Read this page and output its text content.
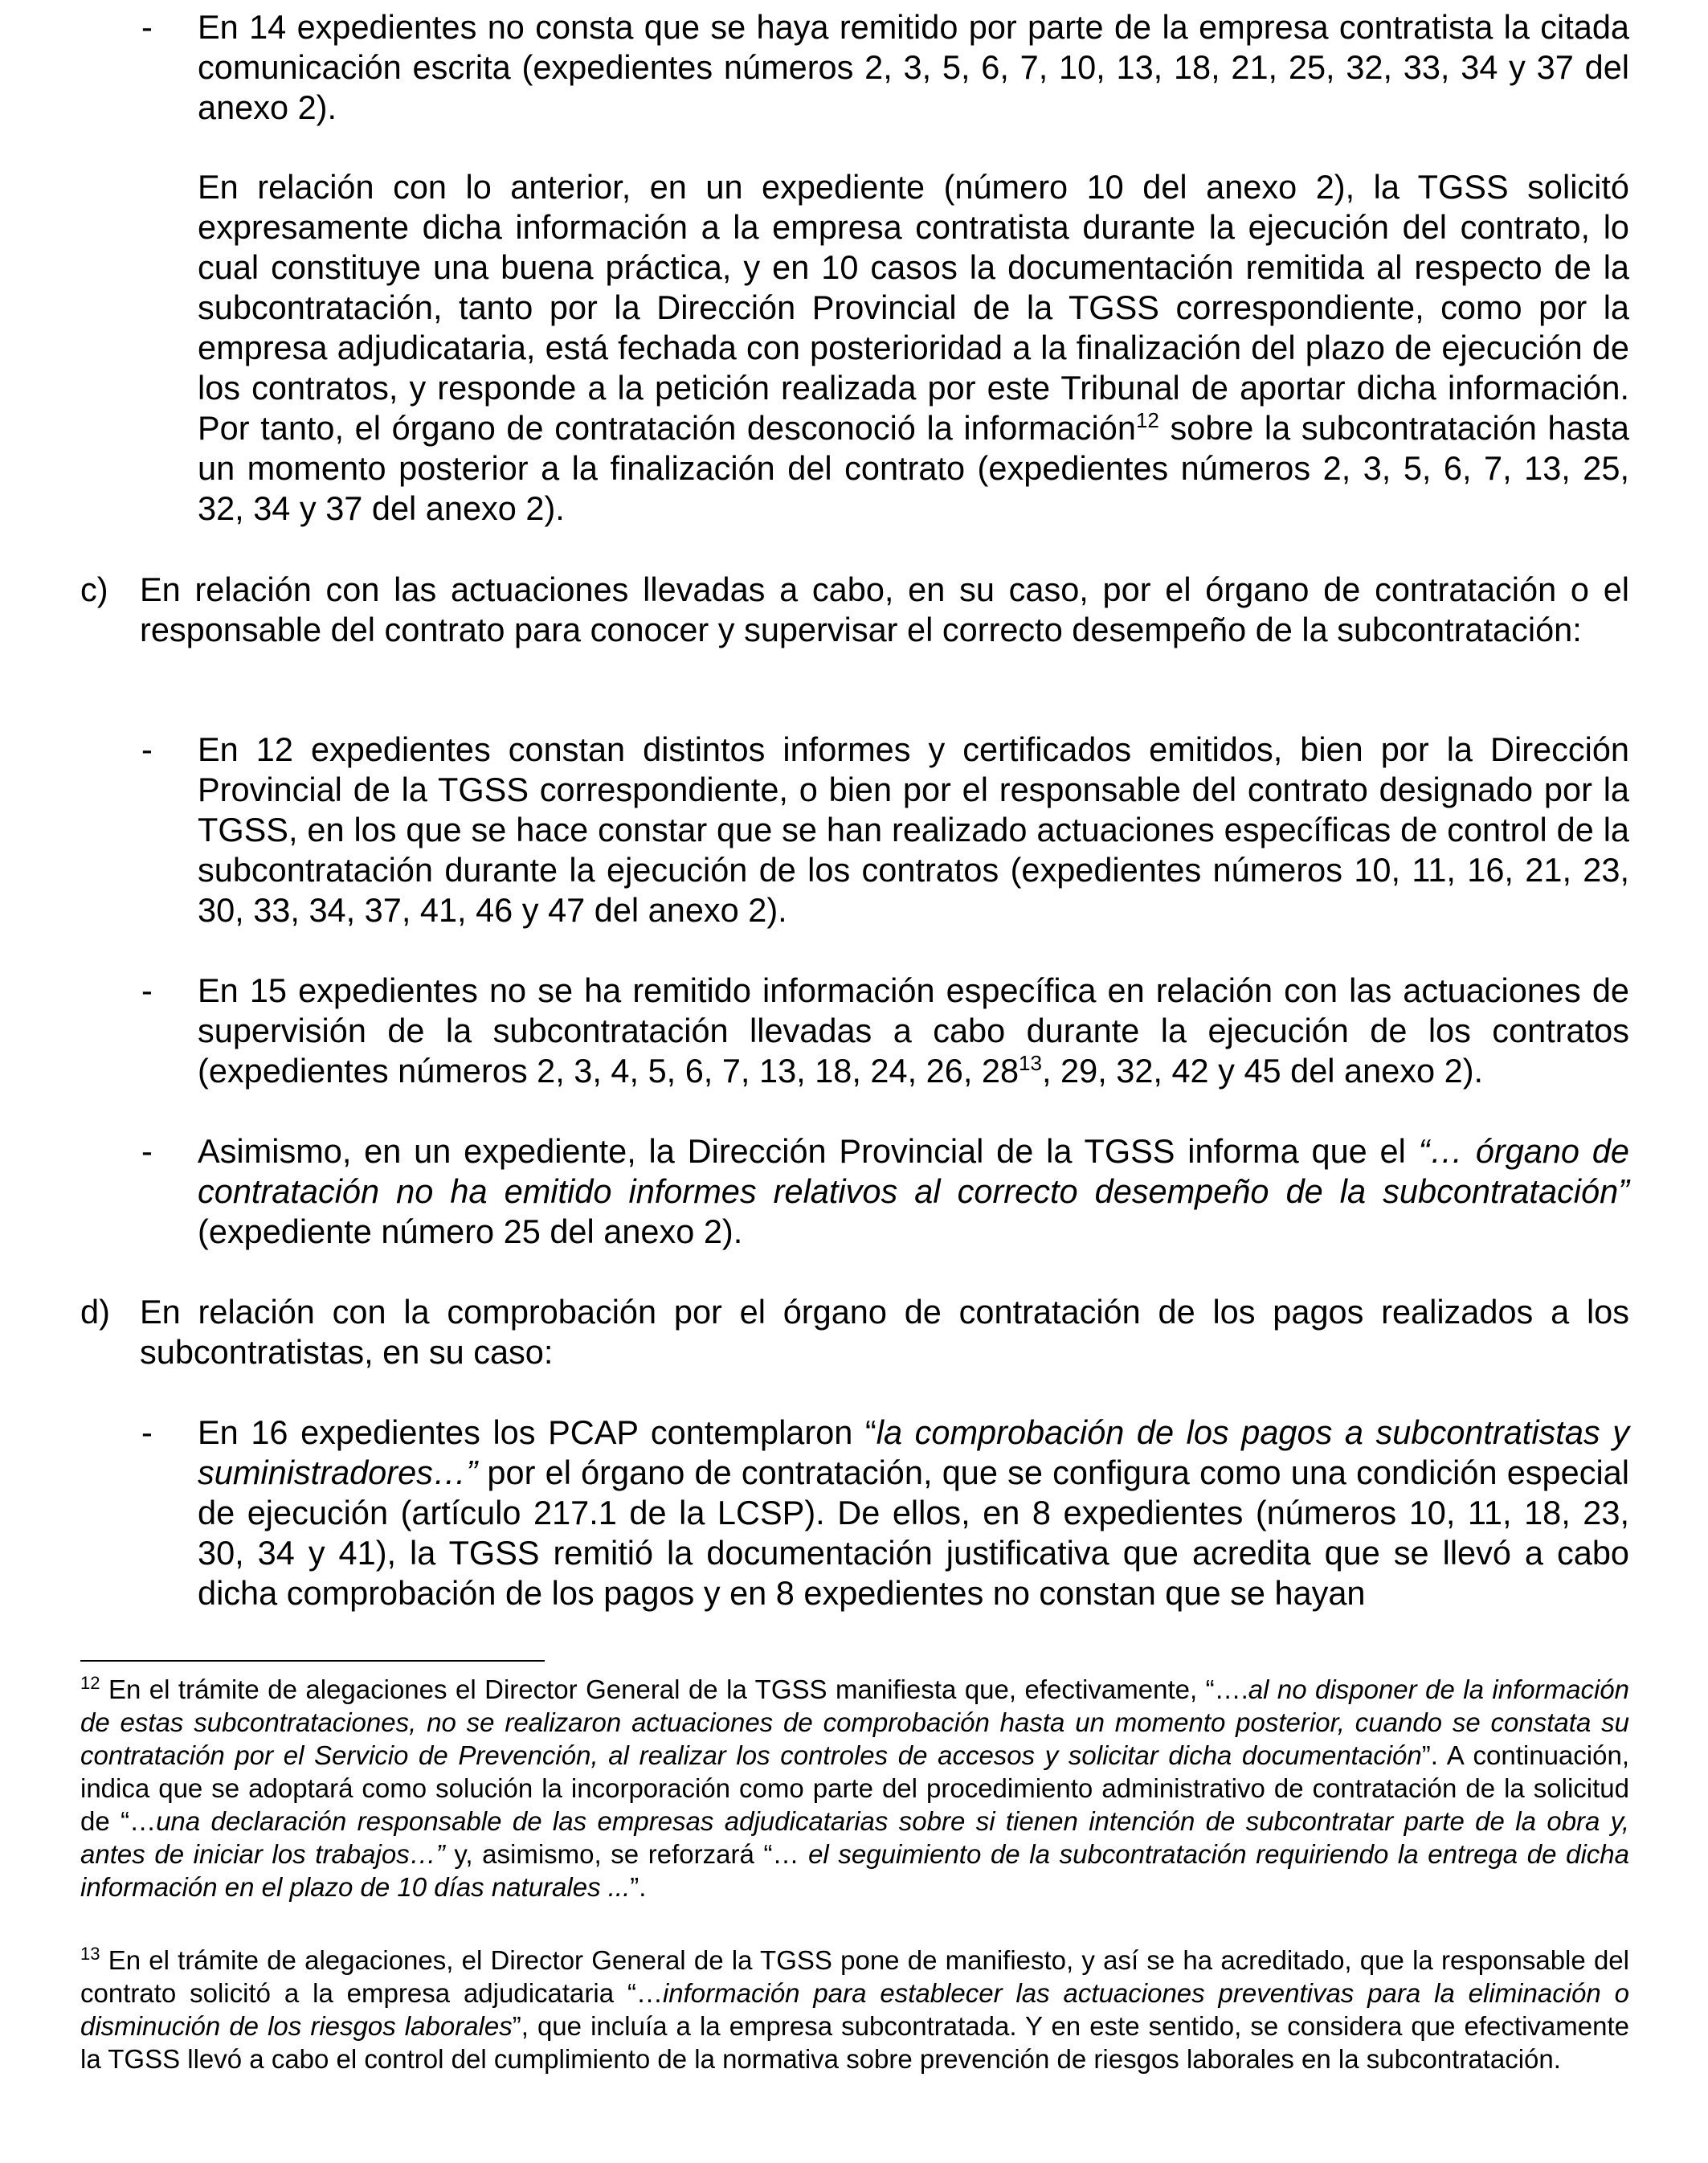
- En 14 expedientes no consta que se haya remitido por parte de la empresa contratista la citada comunicación escrita (expedientes números 2, 3, 5, 6, 7, 10, 13, 18, 21, 25, 32, 33, 34 y 37 del anexo 2).
En relación con lo anterior, en un expediente (número 10 del anexo 2), la TGSS solicitó expresamente dicha información a la empresa contratista durante la ejecución del contrato, lo cual constituye una buena práctica, y en 10 casos la documentación remitida al respecto de la subcontratación, tanto por la Dirección Provincial de la TGSS correspondiente, como por la empresa adjudicataria, está fechada con posterioridad a la finalización del plazo de ejecución de los contratos, y responde a la petición realizada por este Tribunal de aportar dicha información. Por tanto, el órgano de contratación desconoció la información$^{12}$ sobre la subcontratación hasta un momento posterior a la finalización del contrato (expedientes números 2, 3, 5, 6, 7, 13, 25, 32, 34 y 37 del anexo 2).
c) En relación con las actuaciones llevadas a cabo, en su caso, por el órgano de contratación o el responsable del contrato para conocer y supervisar el correcto desempeño de la subcontratación:
- En 12 expedientes constan distintos informes y certificados emitidos, bien por la Dirección Provincial de la TGSS correspondiente, o bien por el responsable del contrato designado por la TGSS, en los que se hace constar que se han realizado actuaciones específicas de control de la subcontratación durante la ejecución de los contratos (expedientes números 10, 11, 16, 21, 23, 30, 33, 34, 37, 41, 46 y 47 del anexo 2).
- En 15 expedientes no se ha remitido información específica en relación con las actuaciones de supervisión de la subcontratación llevadas a cabo durante la ejecución de los contratos (expedientes números 2, 3, 4, 5, 6, 7, 13, 18, 24, 26, $28^{13}$, 29, 32, 42 y 45 del anexo 2).
- Asimismo, en un expediente, la Dirección Provincial de la TGSS informa que el “… órgano de contratación no ha emitido informes relativos al correcto desempeño de la subcontratación” (expediente número 25 del anexo 2).
d) En relación con la comprobación por el órgano de contratación de los pagos realizados a los subcontratistas, en su caso:
- En 16 expedientes los PCAP contemplaron “la comprobación de los pagos a subcontratistas y suministradores…” por el órgano de contratación, que se configura como una condición especial de ejecución (artículo 217.1 de la LCSP). De ellos, en 8 expedientes (números 10, 11, 18, 23, 30, 34 y 41), la TGSS remitió la documentación justificativa que acredita que se llevó a cabo dicha comprobación de los pagos y en 8 expedientes no constan que se hayan
$^{12}$ En el trámite de alegaciones el Director General de la TGSS manifiesta que, efectivamente, “….al no disponer de la información de estas subcontrataciones, no se realizaron actuaciones de comprobación hasta un momento posterior, cuando se constata su contratación por el Servicio de Prevención, al realizar los controles de accesos y solicitar dicha documentación”. A continuación, indica que se adoptará como solución la incorporación como parte del procedimiento administrativo de contratación de la solicitud de “…una declaración responsable de las empresas adjudicatarias sobre si tienen intención de subcontratar parte de la obra y, antes de iniciar los trabajos…” y, asimismo, se reforzará “… el seguimiento de la subcontratación requiriendo la entrega de dicha información en el plazo de 10 días naturales ...”.
$^{13}$ En el trámite de alegaciones, el Director General de la TGSS pone de manifiesto, y así se ha acreditado, que la responsable del contrato solicitó a la empresa adjudicataria “…información para establecer las actuaciones preventivas para la eliminación o disminución de los riesgos laborales”, que incluía a la empresa subcontratada. Y en este sentido, se considera que efectivamente la TGSS llevó a cabo el control del cumplimiento de la normativa sobre prevención de riesgos laborales en la subcontratación.
